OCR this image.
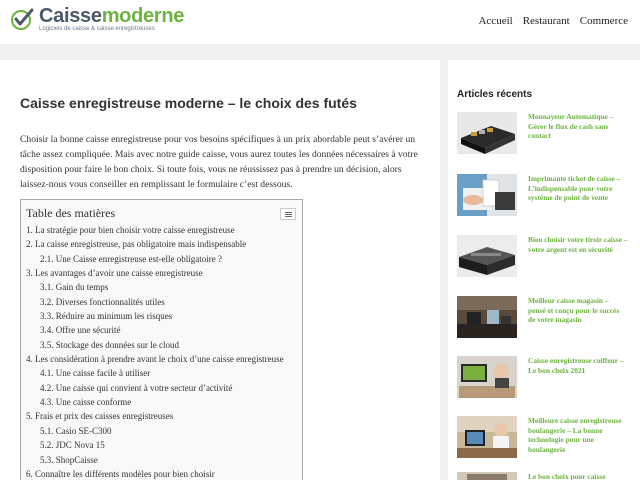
Caissemoderne
Logiciels de caisse & caisse enregistreuses
Accueil Restaurant Commerce
Caisse enregistreuse moderne – le choix des futés

Choisir la bonne caisse enregistreuse pour vos besoins spécifiques à un prix abordable peut s’avérer un tâche assez compliquée. Mais avec notre guide caisse, vous aurez toutes les données nécessaires à votre disposition pour faire le bon choix. Si toute fois, vous ne réussissez pas à prendre un décision, alors laissez-nous vous conseiller en remplissant le formulaire c’est dessous.

Table des matières
1. La stratégie pour bien choisir votre caisse enregistreuse
2. La caisse enregistreuse, pas obligatoire mais indispensable
2.1. Une Caisse enregistreuse est-elle obligatoire ?
3. Les avantages d’avoir une caisse enregistreuse
3.1. Gain du temps
3.2. Diverses fonctionnalités utiles
3.3. Réduire au minimum les risques
3.4. Offre une sécurité
3.5. Stockage des données sur le cloud
4. Les considération à prendre avant le choix d’une caisse enregistreuse
4.1. Une caisse facile à utiliser
4.2. Une caisse qui convient à votre secteur d’activité
4.3. Une caisse conforme
5. Frais et prix des caisses enregistreuses
5.1. Casio SE-C300
5.2. JDC Nova 15
5.3. ShopCaisse
6. Connaître les différents modèles pour bien choisir
Articles récents
Monnayeur Automatique – Gérer le flux de cash sans contact
Imprimante ticket de caisse – L’indispensable pour votre système de point de vente
Bien choisir votre tiroir caisse – votre argent est en sécurité
Meilleur caisse magasin – pensé et conçu pour le succès de votre magasin
Caisse enregistreuse coiffeur – Le bon choix 2021
Meilleure caisse enregistreuse boulangerie – La bonne technologie pour une boulangerie
Le bon choix pour caisse
